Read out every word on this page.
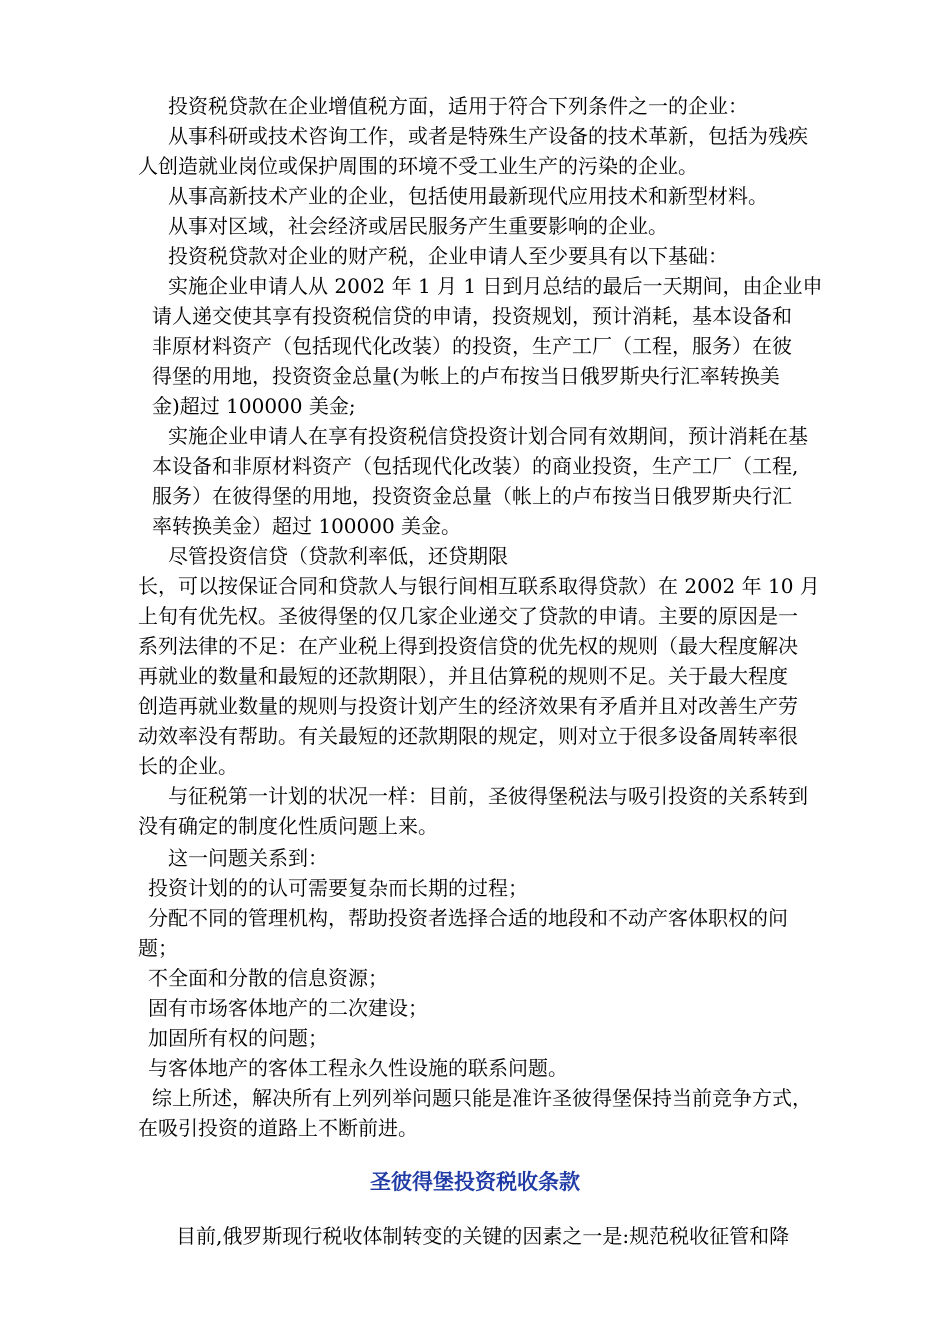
投资税贷款在企业增值税方面，适用于符合下列条件之一的企业：
从事科研或技术咨询工作，或者是特殊生产设备的技术革新，包括为残疾
人创造就业岗位或保护周围的环境不受工业生产的污染的企业。
从事高新技术产业的企业，包括使用最新现代应用技术和新型材料。
从事对区域，社会经济或居民服务产生重要影响的企业。
投资税贷款对企业的财产税，企业申请人至少要具有以下基础：
实施企业申请人从 2002 年 1 月 1 日到月总结的最后一天期间，由企业申
请人递交使其享有投资税信贷的申请，投资规划，预计消耗，基本设备和
非原材料资产（包括现代化改装）的投资，生产工厂（工程，服务）在彼
得堡的用地，投资资金总量(为帐上的卢布按当日俄罗斯央行汇率转换美
金)超过 100000 美金;
实施企业申请人在享有投资税信贷投资计划合同有效期间，预计消耗在基
本设备和非原材料资产（包括现代化改装）的商业投资，生产工厂（工程,
服务）在彼得堡的用地，投资资金总量（帐上的卢布按当日俄罗斯央行汇
率转换美金）超过 100000 美金。
尽管投资信贷（贷款利率低，还贷期限
长，可以按保证合同和贷款人与银行间相互联系取得贷款）在 2002 年 10 月
上旬有优先权。圣彼得堡的仅几家企业递交了贷款的申请。主要的原因是一
系列法律的不足：在产业税上得到投资信贷的优先权的规则（最大程度解决
再就业的数量和最短的还款期限），并且估算税的规则不足。关于最大程度
创造再就业数量的规则与投资计划产生的经济效果有矛盾并且对改善生产劳
动效率没有帮助。有关最短的还款期限的规定，则对立于很多设备周转率很
长的企业。
与征税第一计划的状况一样：目前，圣彼得堡税法与吸引投资的关系转到
没有确定的制度化性质问题上来。
这一问题关系到：
投资计划的的认可需要复杂而长期的过程；
分配不同的管理机构，帮助投资者选择合适的地段和不动产客体职权的问
题；
不全面和分散的信息资源；
固有市场客体地产的二次建设；
加固所有权的问题；
与客体地产的客体工程永久性设施的联系问题。
综上所述，解决所有上列列举问题只能是准许圣彼得堡保持当前竞争方式，
在吸引投资的道路上不断前进。
圣彼得堡投资税收条款
目前,俄罗斯现行税收体制转变的关键的因素之一是:规范税收征管和降
